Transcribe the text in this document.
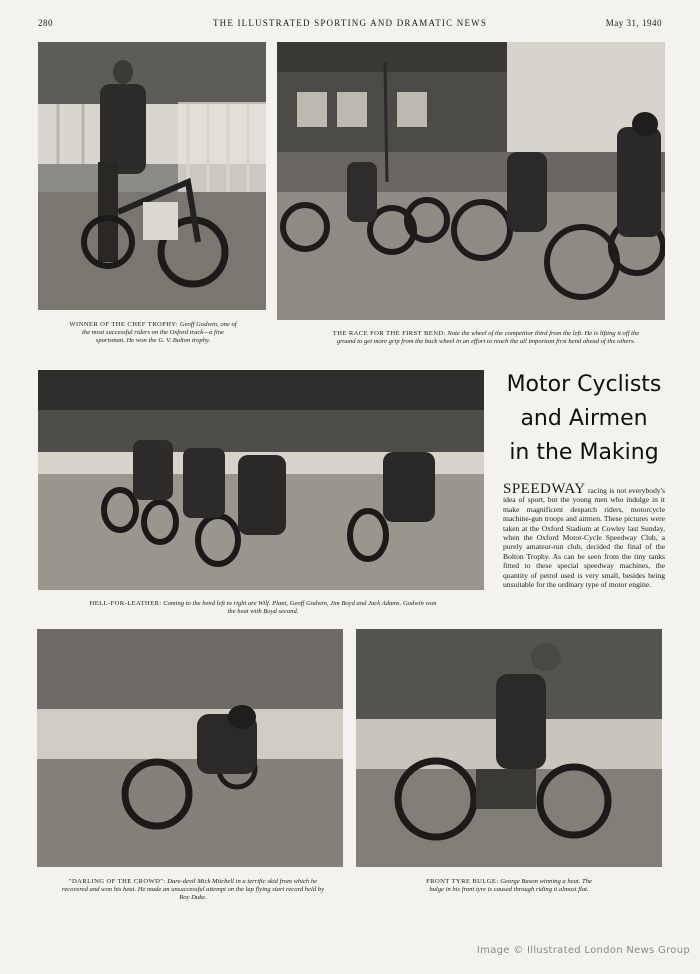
280	THE ILLUSTRATED SPORTING AND DRAMATIC NEWS	May 31, 1940
WINNER OF THE CHEF TROPHY: Geoff Godwin, one of the most successful riders on the Oxford track—a fine sportsman. He won the G. V. Bolton trophy.
THE RACE FOR THE FIRST BEND: Note the wheel of the competitor third from the left. He is lifting it off the ground to get more grip from the back wheel in an effort to reach the all important first bend ahead of the others.
HELL-FOR-LEATHER: Coming to the bend left to right are Wilf. Plant, Geoff Godwin, Jim Boyd and Jack Adams. Godwin won the heat with Boyd second.
Motor Cyclists
and Airmen
in the Making
SPEEDWAY racing is not everybody's idea of sport, but the young men who indulge in it make magnificent despatch riders, motorcycle machine-gun troops and airmen. These pictures were taken at the Oxford Stadium at Cowley last Sunday, when the Oxford Motor-Cycle Speedway Club, a purely amateur-run club, decided the final of the Bolton Trophy. As can be seen from the tiny tanks fitted to these special speedway machines, the quantity of petrol used is very small, besides being unsuitable for the ordinary type of motor engine.
"DARLING OF THE CROWD": Dare-devil Mick Mitchell in a terrific skid from which he recovered and won his heat. He made an unsuccessful attempt on the lap flying start record held by Roy Duke.
FRONT TYRE BULGE: George Bason winning a heat. The bulge in his front tyre is caused through riding it almost flat.
Image © Illustrated London News Group
